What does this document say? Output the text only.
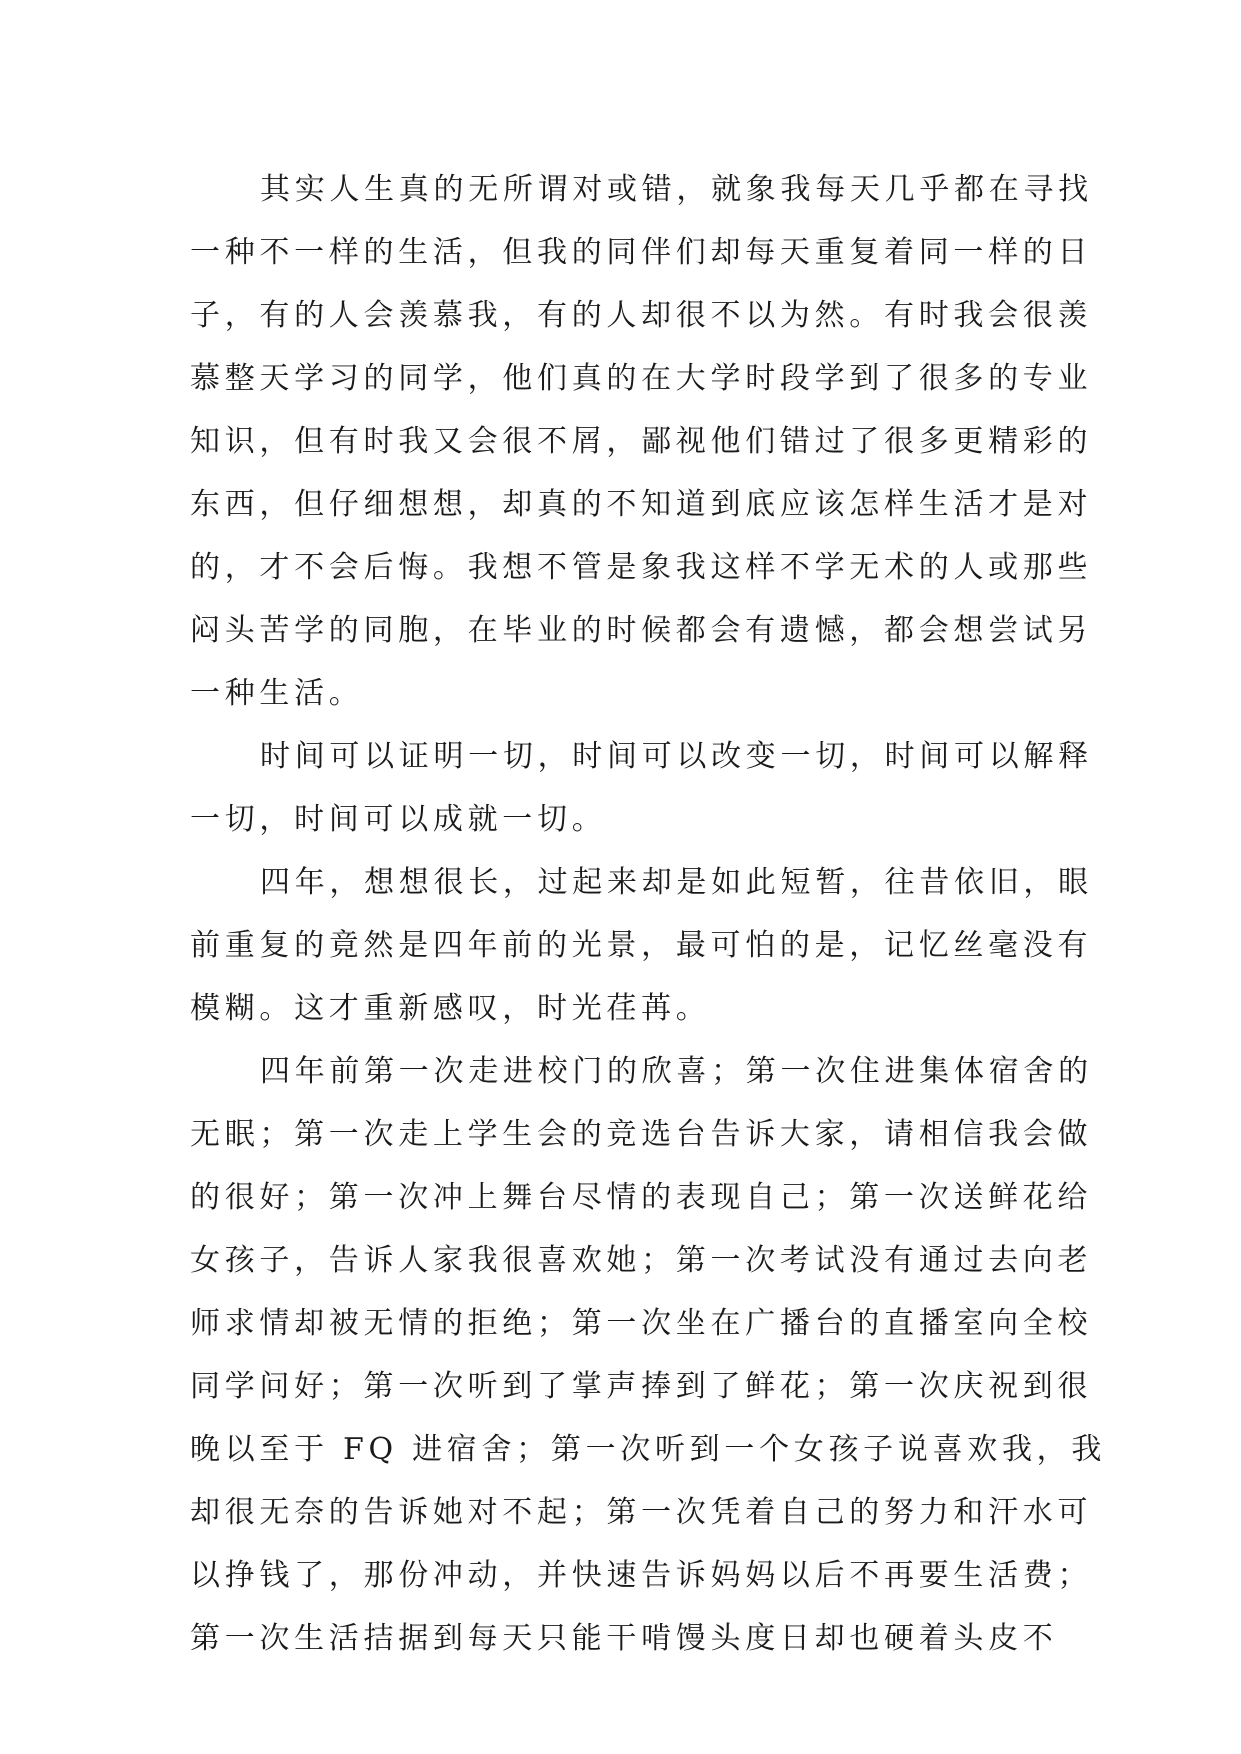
其实人生真的无所谓对或错，就象我每天几乎都在寻找
一种不一样的生活，但我的同伴们却每天重复着同一样的日
子，有的人会羡慕我，有的人却很不以为然。有时我会很羡
慕整天学习的同学，他们真的在大学时段学到了很多的专业
知识，但有时我又会很不屑，鄙视他们错过了很多更精彩的
东西，但仔细想想，却真的不知道到底应该怎样生活才是对
的，才不会后悔。我想不管是象我这样不学无术的人或那些
闷头苦学的同胞，在毕业的时候都会有遗憾，都会想尝试另
一种生活。
时间可以证明一切，时间可以改变一切，时间可以解释
一切，时间可以成就一切。
四年，想想很长，过起来却是如此短暂，往昔依旧，眼
前重复的竟然是四年前的光景，最可怕的是，记忆丝毫没有
模糊。这才重新感叹，时光荏苒。
四年前第一次走进校门的欣喜；第一次住进集体宿舍的
无眠；第一次走上学生会的竞选台告诉大家，请相信我会做
的很好；第一次冲上舞台尽情的表现自己；第一次送鲜花给
女孩子，告诉人家我很喜欢她；第一次考试没有通过去向老
师求情却被无情的拒绝；第一次坐在广播台的直播室向全校
同学问好；第一次听到了掌声捧到了鲜花；第一次庆祝到很
晚以至于 FQ 进宿舍；第一次听到一个女孩子说喜欢我，我
却很无奈的告诉她对不起；第一次凭着自己的努力和汗水可
以挣钱了，那份冲动，并快速告诉妈妈以后不再要生活费；
第一次生活拮据到每天只能干啃馒头度日却也硬着头皮不
